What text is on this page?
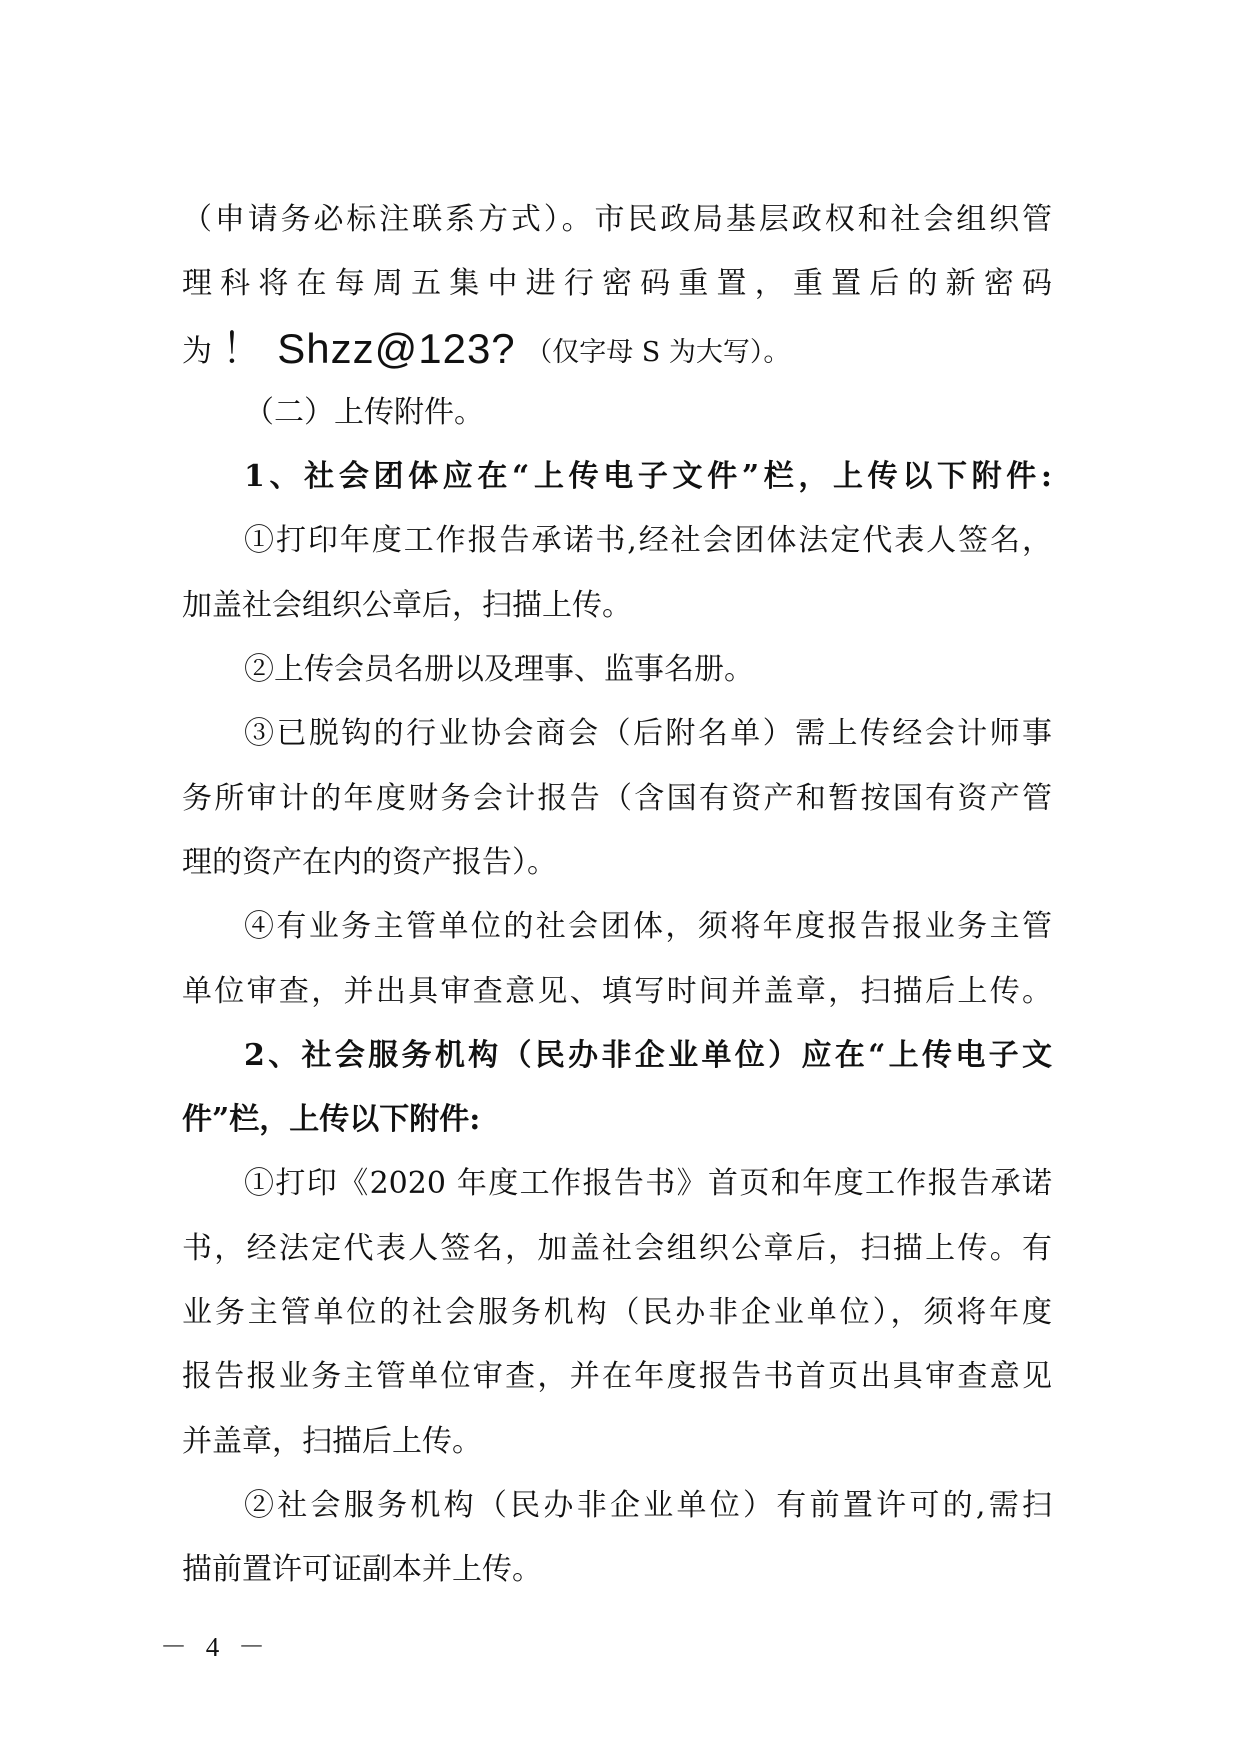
（申请务必标注联系方式）。市民政局基层政权和社会组织管
理科将在每周五集中进行密码重置，重置后的新密码
为 ！ Shzz@123? （仅字母 S 为大写）。
（二）上传附件。
1、社会团体应在“上传电子文件”栏，上传以下附件:
①打印年度工作报告承诺书,经社会团体法定代表人签名，
加盖社会组织公章后，扫描上传。
②上传会员名册以及理事、监事名册。
③已脱钩的行业协会商会（后附名单）需上传经会计师事
务所审计的年度财务会计报告（含国有资产和暂按国有资产管
理的资产在内的资产报告）。
④有业务主管单位的社会团体，须将年度报告报业务主管
单位审查，并出具审查意见、填写时间并盖章，扫描后上传。
2、社会服务机构（民办非企业单位）应在“上传电子文
件”栏，上传以下附件:
①打印《2020 年度工作报告书》首页和年度工作报告承诺
书，经法定代表人签名，加盖社会组织公章后，扫描上传。有
业务主管单位的社会服务机构（民办非企业单位），须将年度
报告报业务主管单位审查，并在年度报告书首页出具审查意见
并盖章，扫描后上传。
②社会服务机构（民办非企业单位）有前置许可的,需扫
描前置许可证副本并上传。
－ 4 －
